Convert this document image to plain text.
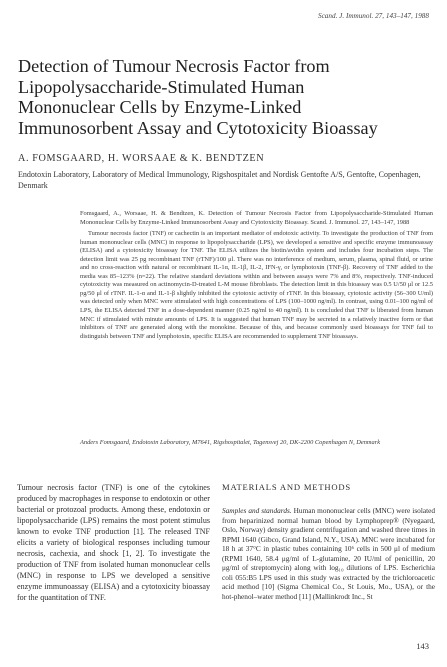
Scand. J. Immunol. 27, 143–147, 1988
Detection of Tumour Necrosis Factor from
Lipopolysaccharide-Stimulated Human
Mononuclear Cells by Enzyme-Linked
Immunosorbent Assay and Cytotoxicity Bioassay
A. FOMSGAARD, H. WORSAAE & K. BENDTZEN
Endotoxin Laboratory, Laboratory of Medical Immunology, Rigshospitalet and Nordisk Gentofte A/S, Gentofte, Copenhagen, Denmark

Fomsgaard, A., Worsaae, H. & Bendtzen, K. Detection of Tumour Necrosis Factor from Lipopolysaccharide-Stimulated Human Mononuclear Cells by Enzyme-Linked Immunosorbent Assay and Cytotoxicity Bioassay. Scand. J. Immunol. 27, 143–147, 1988

Tumour necrosis factor (TNF) or cachectin is an important mediator of endotoxic activity. To investigate the production of TNF from human mononuclear cells (MNC) in response to lipopolysaccharide (LPS), we developed a sensitive and specific enzyme immunoassay (ELISA) and a cytotoxicity bioassay for TNF. The ELISA utilizes the biotin/avidin system and includes four incubation steps. The detection limit was 25 pg recombinant TNF (rTNF)/100 μl. There was no interference of medium, serum, plasma, spinal fluid, or urine and no cross-reaction with natural or recombinant IL-1α, IL-1β, IL-2, IFN-γ, or lymphotoxin (TNF-β). Recovery of TNF added to the media was 85–123% (n=22). The relative standard deviations within and between assays were 7% and 8%, respectively. TNF-induced cytotoxicity was measured on actinomycin-D-treated L-M mouse fibroblasts. The detection limit in this bioassay was 0.5 U/50 μl or 12.5 pg/50 μl of rTNF. IL-1-α and IL-1-β slightly inhibited the cytotoxic activity of rTNF. In this bioassay, cytotoxic activity (56–300 U/ml) was detected only when MNC were stimulated with high concentrations of LPS (100–1000 ng/ml). In contrast, using 0.01–100 ng/ml of LPS, the ELISA detected TNF in a dose-dependent manner (0.25 ng/ml to 40 ng/ml). It is concluded that TNF is liberated from human MNC if stimulated with minute amounts of LPS. It is suggested that human TNF may be secreted in a relatively inactive form or that inhibitors of TNF are generated along with the monokine. Because of this, and because commonly used bioassays for TNF fail to distinguish between TNF and lymphotoxin, specific ELISA are recommended to supplement TNF bioassays.

Anders Fomsgaard, Endotoxin Laboratory, M7641, Rigshospitalet, Tagensvej 20, DK-2200 Copenhagen N, Denmark

Tumour necrosis factor (TNF) is one of the cytokines produced by macrophages in response to endotoxin or other bacterial or protozoal products. Among these, endotoxin or lipopolysaccharide (LPS) remains the most potent stimulus known to evoke TNF production [1]. The released TNF elicits a variety of biological responses including tumour necrosis, cachexia, and shock [1, 2]. To investigate the production of TNF from isolated human mononuclear cells (MNC) in response to LPS we developed a sensitive enzyme immunoassay (ELISA) and a cytotoxicity bioassay for the quantitation of TNF.

MATERIALS AND METHODS

Samples and standards. Human mononuclear cells (MNC) were isolated from heparinized normal human blood by Lymphoprep® (Nyegaard, Oslo, Norway) density gradient centrifugation and washed three times in RPMI 1640 (Gibco, Grand Island, N.Y., USA). MNC were incubated for 18 h at 37°C in plastic tubes containing 10⁶ cells in 500 μl of medium (RPMI 1640, 58.4 μg/ml of L-glutamine, 20 IU/ml of penicillin, 20 μg/ml of streptomycin) along with log₁₀ dilutions of LPS. Escherichia coli 055:B5 LPS used in this study was extracted by the trichloroacetic acid method [10] (Sigma Chemical Co., St Louis, Mo., USA), or the hot-phenol–water method [11] (Mallinkrodt Inc., St

143
